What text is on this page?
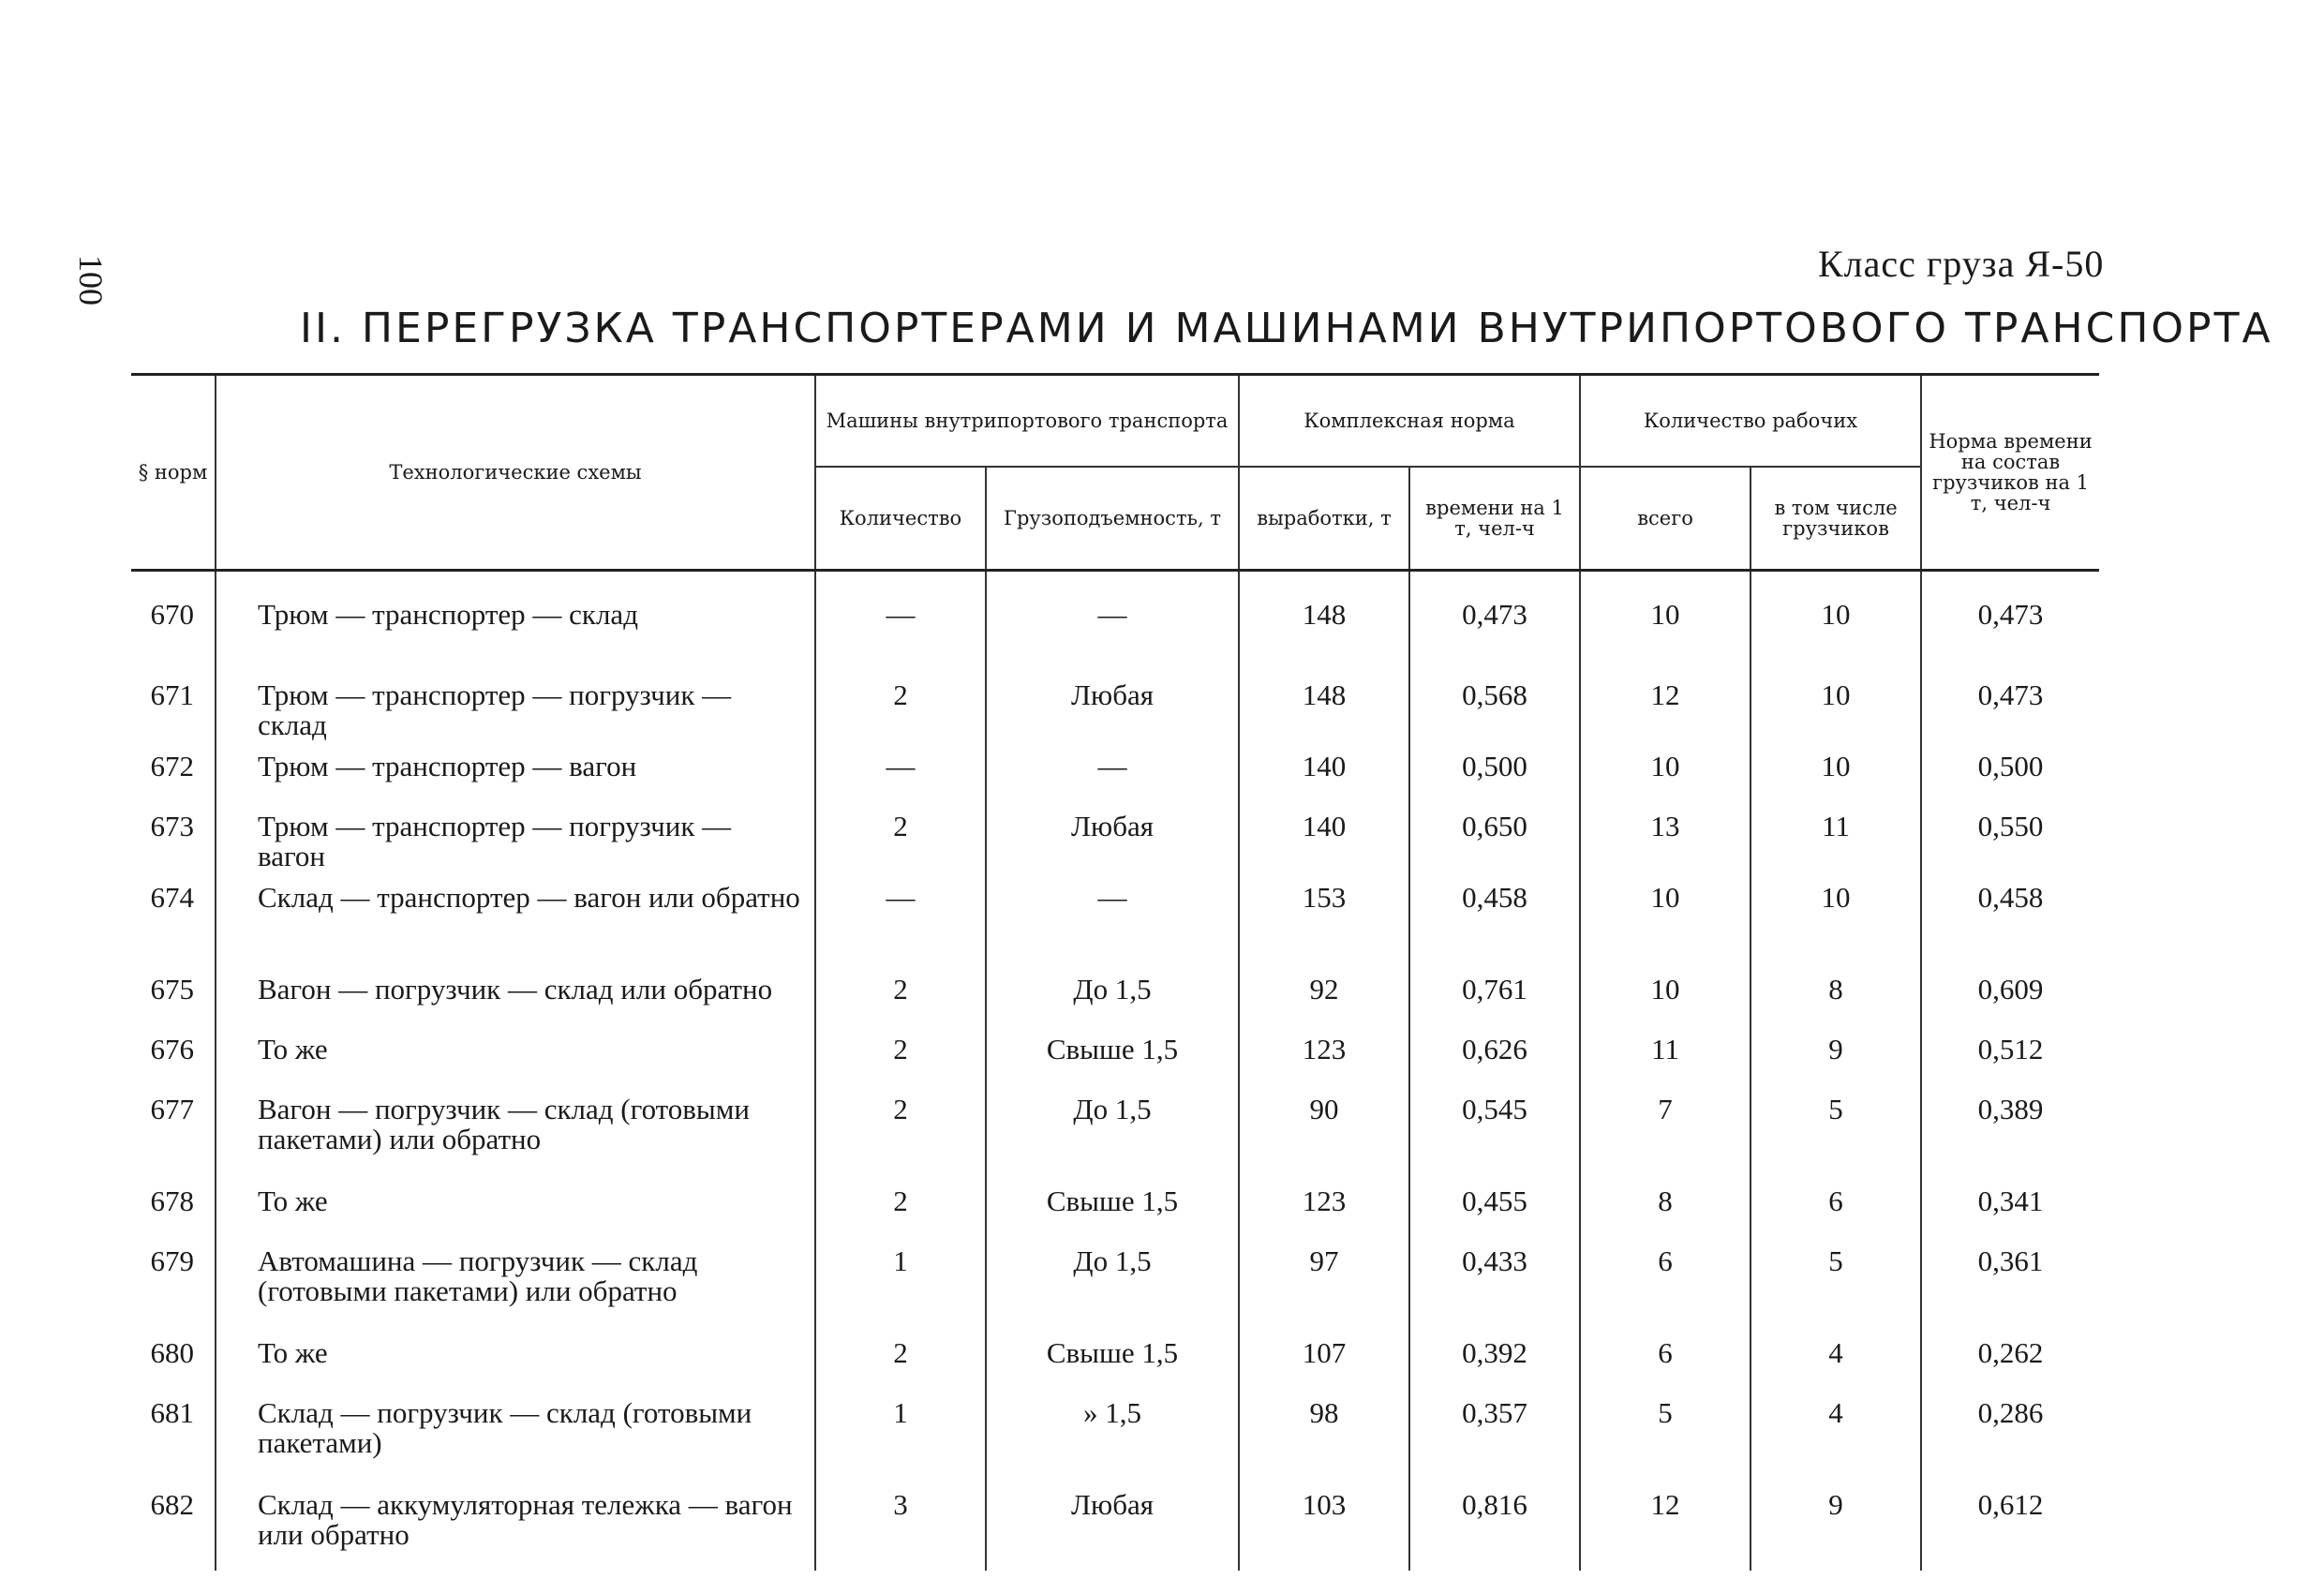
100	Класс груза Я-50
II. ПЕРЕГРУЗКА ТРАНСПОРТЕРАМИ И МАШИНАМИ ВНУТРИПОРТОВОГО ТРАНСПОРТА
§ норм	Технологические схемы	Машины внутрипортового транспорта		Комплексная норма		Количество рабочих		Норма времени на состав грузчиков на 1 т, чел-ч
		Количество	Грузоподъемность, т	выработки, т	времени на 1 т, чел-ч	всего	в том числе грузчиков	
670	Трюм — транспортер — склад	—	—	148	0,473	10	10	0,473
671	Трюм — транспортер — погрузчик — склад	2	Любая	148	0,568	12	10	0,473
672	Трюм — транспортер — вагон	—	—	140	0,500	10	10	0,500
673	Трюм — транспортер — погрузчик — вагон	2	Любая	140	0,650	13	11	0,550
674	Склад — транспортер — вагон или обратно	—	—	153	0,458	10	10	0,458
675	Вагон — погрузчик — склад или обратно	2	До 1,5	92	0,761	10	8	0,609
676	То же	2	Свыше 1,5	123	0,626	11	9	0,512
677	Вагон — погрузчик — склад (готовыми пакетами) или обратно	2	До 1,5	90	0,545	7	5	0,389
678	То же	2	Свыше 1,5	123	0,455	8	6	0,341
679	Автомашина — погрузчик — склад (готовыми пакетами) или обратно	1	До 1,5	97	0,433	6	5	0,361
680	То же	2	Свыше 1,5	107	0,392	6	4	0,262
681	Склад — погрузчик — склад (готовыми пакетами)	1	» 1,5	98	0,357	5	4	0,286
682	Склад — аккумуляторная тележка — вагон или обратно	3	Любая	103	0,816	12	9	0,612
